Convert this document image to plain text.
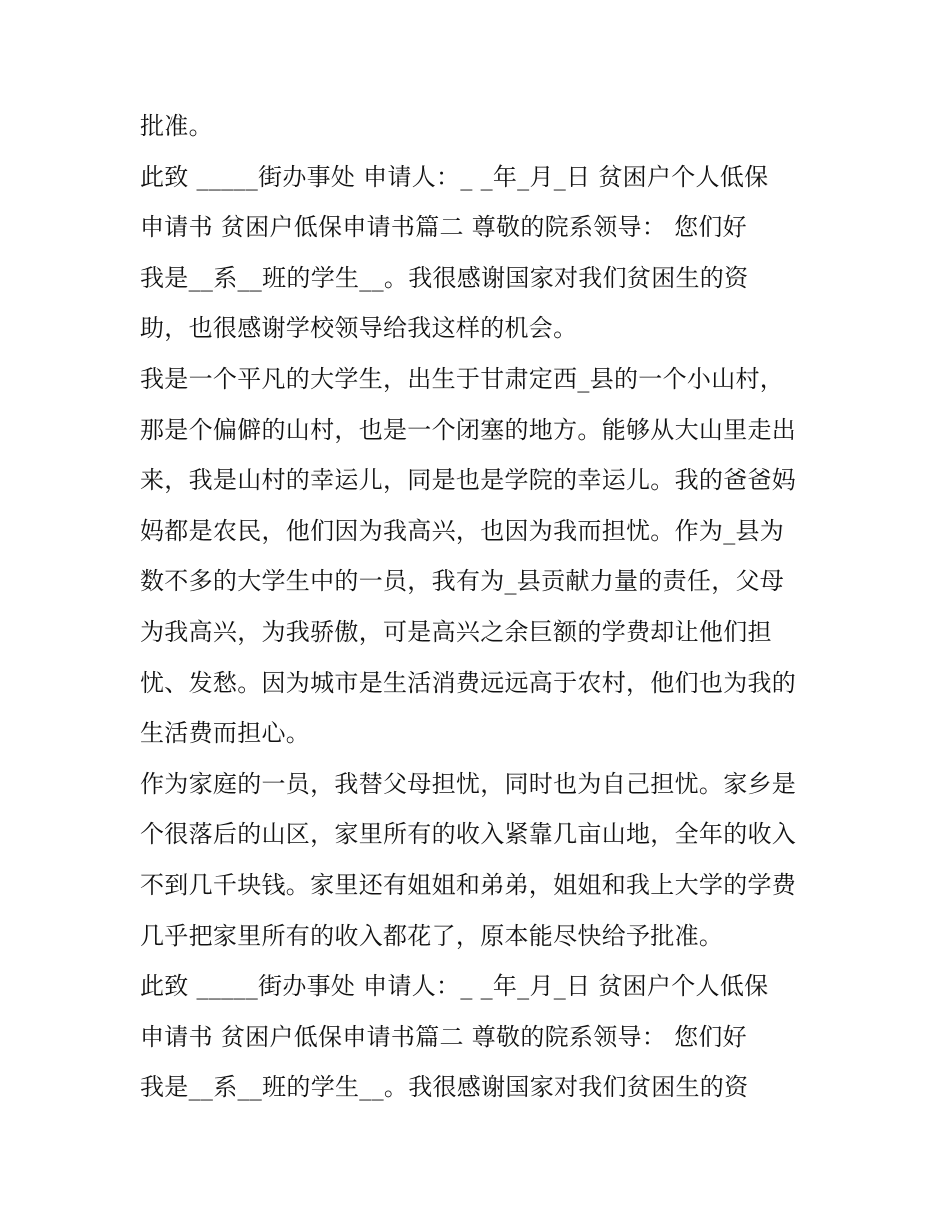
批准。
此致 _____街办事处 申请人：_ _年_月_日 贫困户个人低保
申请书 贫困户低保申请书篇二 尊敬的院系领导： 您们好
我是__系__班的学生__。我很感谢国家对我们贫困生的资
助，也很感谢学校领导给我这样的机会。
我是一个平凡的大学生，出生于甘肃定西_县的一个小山村，
那是个偏僻的山村，也是一个闭塞的地方。能够从大山里走出
来，我是山村的幸运儿，同是也是学院的幸运儿。我的爸爸妈
妈都是农民，他们因为我高兴，也因为我而担忧。作为_县为
数不多的大学生中的一员，我有为_县贡献力量的责任，父母
为我高兴，为我骄傲，可是高兴之余巨额的学费却让他们担
忧、发愁。因为城市是生活消费远远高于农村，他们也为我的
生活费而担心。
作为家庭的一员，我替父母担忧，同时也为自己担忧。家乡是
个很落后的山区，家里所有的收入紧靠几亩山地，全年的收入
不到几千块钱。家里还有姐姐和弟弟，姐姐和我上大学的学费
几乎把家里所有的收入都花了，原本能尽快给予批准。
此致 _____街办事处 申请人：_ _年_月_日 贫困户个人低保
申请书 贫困户低保申请书篇二 尊敬的院系领导： 您们好
我是__系__班的学生__。我很感谢国家对我们贫困生的资
